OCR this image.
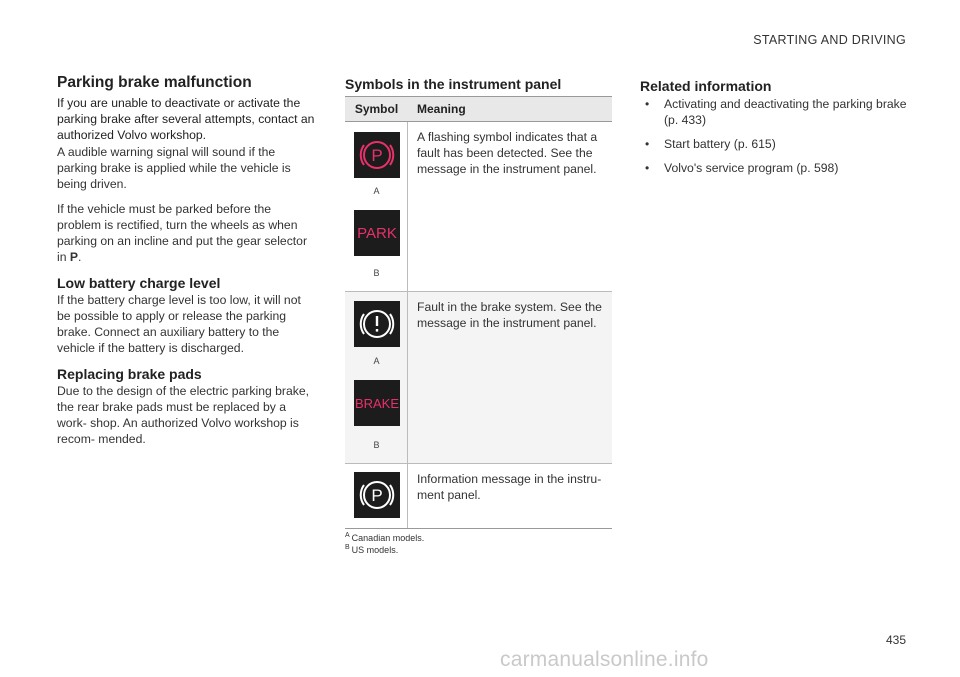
STARTING AND DRIVING
Parking brake malfunction

If you are unable to deactivate or activate the parking brake after several attempts, contact an authorized Volvo workshop.

A audible warning signal will sound if the parking brake is applied while the vehicle is being driven.

If the vehicle must be parked before the problem is rectified, turn the wheels as when parking on an incline and put the gear selector in P.

Low battery charge level

If the battery charge level is too low, it will not be possible to apply or release the parking brake. Connect an auxiliary battery to the vehicle if the battery is discharged.

Replacing brake pads

Due to the design of the electric parking brake, the rear brake pads must be replaced by a work- shop. An authorized Volvo workshop is recom- mended.

Symbols in the instrument panel
Symbol	Meaning
P
A
PARK
B
A flashing symbol indicates that a fault has been detected. See the message in the instrument panel.
A
BRAKE
B
Fault in the brake system. See the message in the instrument panel.
P
Information message in the instru- ment panel.
$^A$ Canadian models.
$^B$ US models.
Related information
• Activating and deactivating the parking brake (p. 433)
• Start battery (p. 615)
• Volvo's service program (p. 598)
435
carmanualsonline.info
